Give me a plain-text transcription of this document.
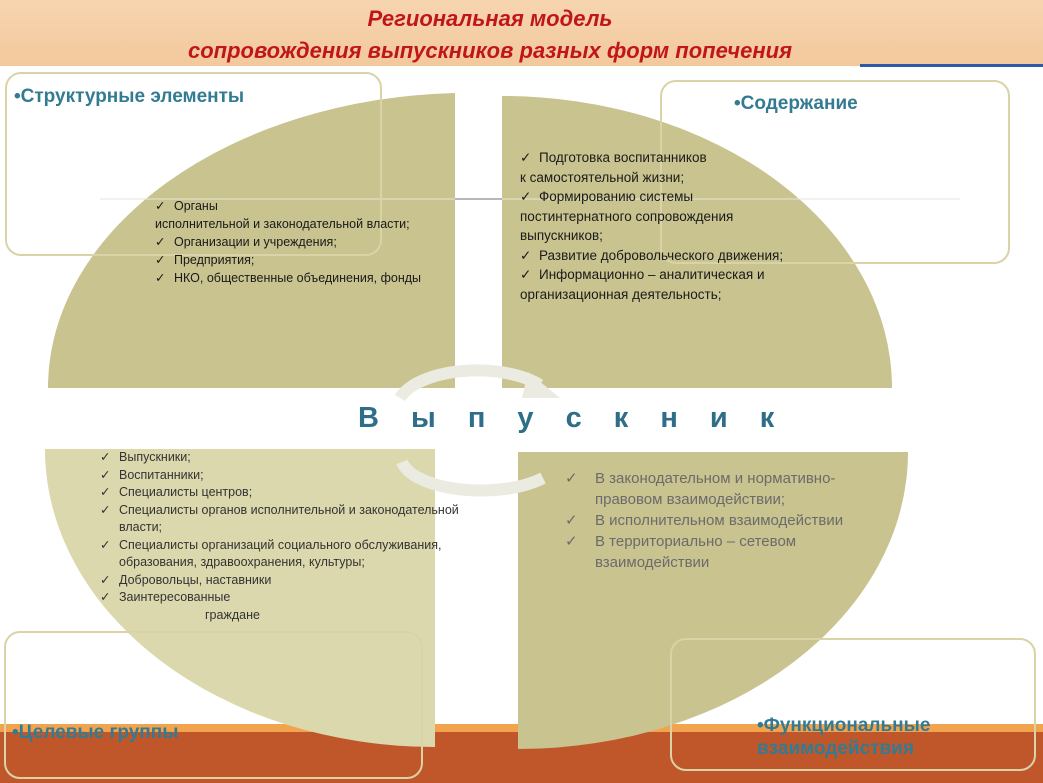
Региональная модель
сопровождения выпускников разных форм попечения
•Структурные элементы	•Содержание
•Целевые группы	•Функциональные взаимодействия
✓ Органы
исполнительной и законодательной власти;
✓ Организации и учреждения;
✓ Предприятия;
✓ НКО, общественные объединения, фонды
✓ Подготовка воспитанников
к самостоятельной жизни;
✓ Формированию системы
постинтернатного сопровождения
выпускников;
✓ Развитие добровольческого движения;
✓ Информационно – аналитическая и
организационная деятельность;
✓ Выпускники;
✓ Воспитанники;
✓ Специалисты центров;
✓ Специалисты органов исполнительной и законодательной
власти;
✓ Специалисты организаций социального обслуживания,
образования, здравоохранения, культуры;
✓ Добровольцы, наставники
✓ Заинтересованные
граждане
✓ В законодательном и нормативно-
правовом взаимодействии;
✓ В исполнительном взаимодействии
✓ В территориально – сетевом
взаимодействии
В ы п у с к н и к
